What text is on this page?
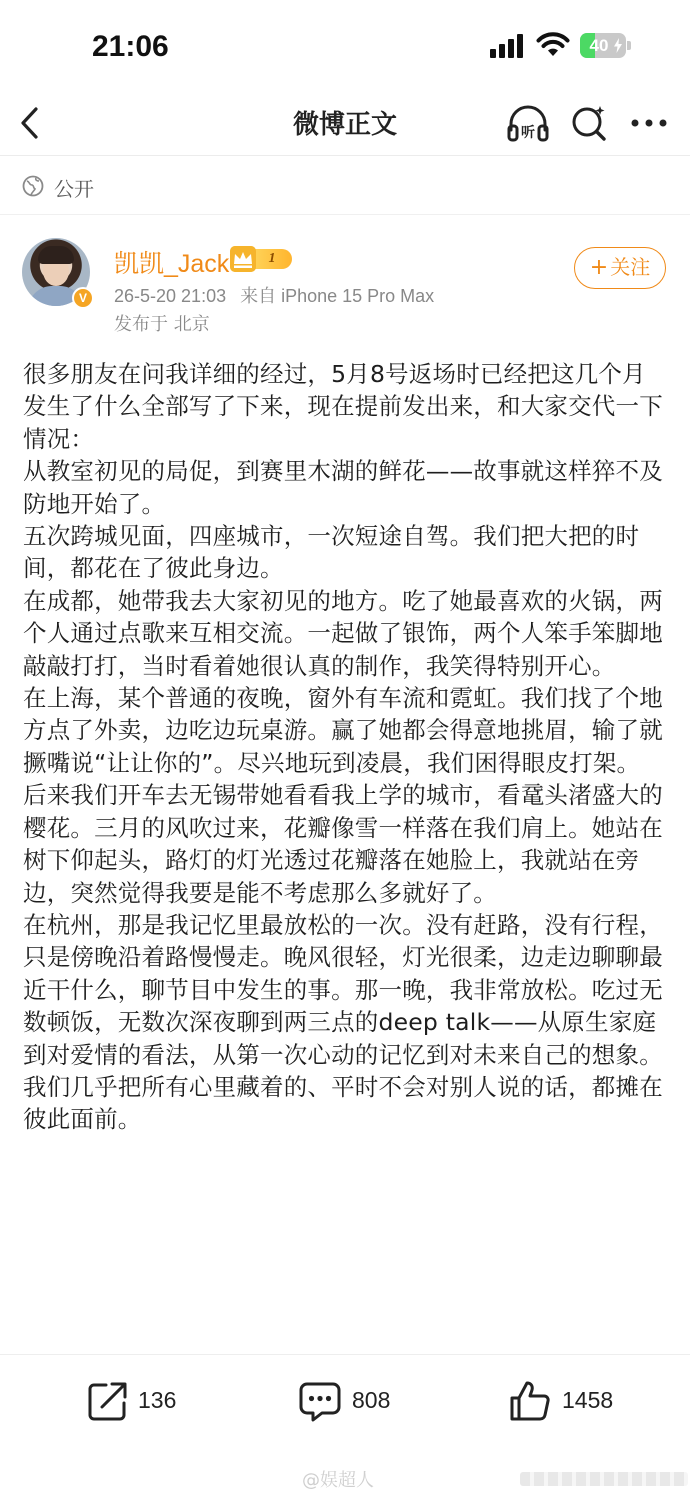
21:06	40
微博正文	听
公开
V
凯凯_Jack	1
26-5-20 21:03 来自 iPhone 15 Pro Max
发布于 北京
+ 关注

很多朋友在问我详细的经过，5月8号返场时已经把这几个月发生了什么全部写了下来，现在提前发出来，和大家交代一下情况：

从教室初见的局促，到赛里木湖的鲜花——故事就这样猝不及防地开始了。

五次跨城见面，四座城市，一次短途自驾。我们把大把的时间，都花在了彼此身边。

在成都，她带我去大家初见的地方。吃了她最喜欢的火锅，两个人通过点歌来互相交流。一起做了银饰，两个人笨手笨脚地敲敲打打，当时看着她很认真的制作，我笑得特别开心。

在上海，某个普通的夜晚，窗外有车流和霓虹。我们找了个地方点了外卖，边吃边玩桌游。赢了她都会得意地挑眉，输了就撅嘴说“让让你的”。尽兴地玩到凌晨，我们困得眼皮打架。

后来我们开车去无锡带她看看我上学的城市，看鼋头渚盛大的樱花。三月的风吹过来，花瓣像雪一样落在我们肩上。她站在树下仰起头，路灯的灯光透过花瓣落在她脸上，我就站在旁边，突然觉得我要是能不考虑那么多就好了。

在杭州，那是我记忆里最放松的一次。没有赶路，没有行程，只是傍晚沿着路慢慢走。晚风很轻，灯光很柔，边走边聊聊最近干什么，聊节目中发生的事。那一晚，我非常放松。吃过无数顿饭，无数次深夜聊到两三点的deep talk——从原生家庭到对爱情的看法，从第一次心动的记忆到对未来自己的想象。我们几乎把所有心里藏着的、平时不会对别人说的话，都摊在彼此面前。

136	808	1458
@娱超人
